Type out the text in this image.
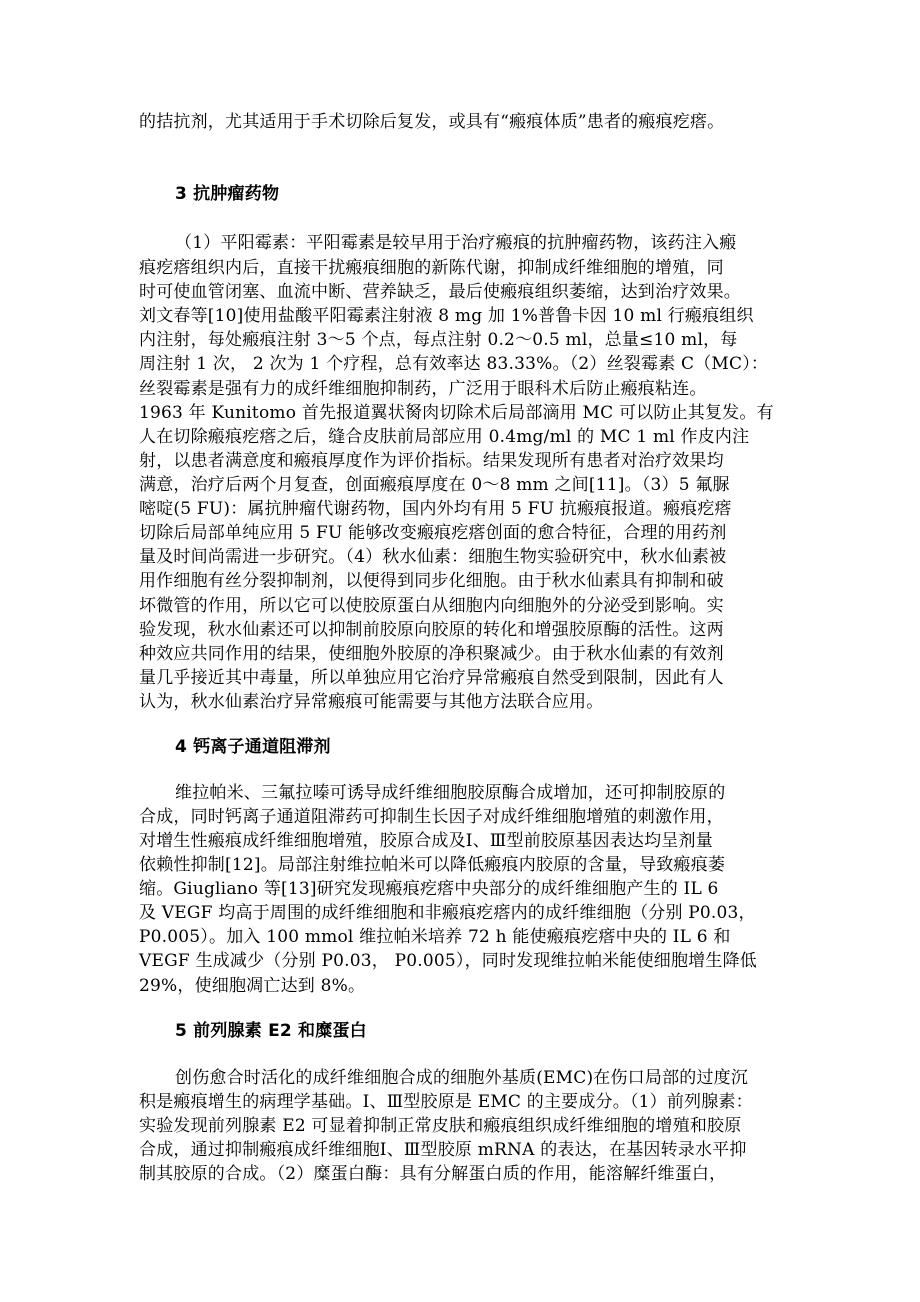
的拮抗剂，尤其适用于手术切除后复发，或具有“瘢痕体质”患者的瘢痕疙瘩。
3 抗肿瘤药物
（1）平阳霉素：平阳霉素是较早用于治疗瘢痕的抗肿瘤药物，该药注入瘢
痕疙瘩组织内后，直接干扰瘢痕细胞的新陈代谢，抑制成纤维细胞的增殖，同
时可使血管闭塞、血流中断、营养缺乏，最后使瘢痕组织萎缩，达到治疗效果。
刘文春等[10]使用盐酸平阳霉素注射液 8 mg 加 1%普鲁卡因 10 ml 行瘢痕组织
内注射，每处瘢痕注射 3～5 个点，每点注射 0.2～0.5 ml，总量≤10 ml，每
周注射 1 次， 2 次为 1 个疗程，总有效率达 83.33%。（2）丝裂霉素 C（MC）：
丝裂霉素是强有力的成纤维细胞抑制药，广泛用于眼科术后防止瘢痕粘连。
1963 年 Kunitomo 首先报道翼状胬肉切除术后局部滴用 MC 可以防止其复发。有
人在切除瘢痕疙瘩之后，缝合皮肤前局部应用 0.4mg/ml 的 MC 1 ml 作皮内注
射，以患者满意度和瘢痕厚度作为评价指标。结果发现所有患者对治疗效果均
满意，治疗后两个月复查，创面瘢痕厚度在 0～8 mm 之间[11]。（3）5 氟脲
嘧啶(5 FU)：属抗肿瘤代谢药物，国内外均有用 5 FU 抗瘢痕报道。瘢痕疙瘩
切除后局部单纯应用 5 FU 能够改变瘢痕疙瘩创面的愈合特征，合理的用药剂
量及时间尚需进一步研究。（4）秋水仙素：细胞生物实验研究中，秋水仙素被
用作细胞有丝分裂抑制剂，以便得到同步化细胞。由于秋水仙素具有抑制和破
坏微管的作用，所以它可以使胶原蛋白从细胞内向细胞外的分泌受到影响。实
验发现，秋水仙素还可以抑制前胶原向胶原的转化和增强胶原酶的活性。这两
种效应共同作用的结果，使细胞外胶原的净积聚减少。由于秋水仙素的有效剂
量几乎接近其中毒量，所以单独应用它治疗异常瘢痕自然受到限制，因此有人
认为，秋水仙素治疗异常瘢痕可能需要与其他方法联合应用。
4 钙离子通道阻滞剂
维拉帕米、三氟拉嗪可诱导成纤维细胞胶原酶合成增加，还可抑制胶原的
合成，同时钙离子通道阻滞药可抑制生长因子对成纤维细胞增殖的刺激作用，
对增生性瘢痕成纤维细胞增殖，胶原合成及Ⅰ、Ⅲ型前胶原基因表达均呈剂量
依赖性抑制[12]。局部注射维拉帕米可以降低瘢痕内胶原的含量，导致瘢痕萎
缩。Giugliano 等[13]研究发现瘢痕疙瘩中央部分的成纤维细胞产生的 IL 6
及 VEGF 均高于周围的成纤维细胞和非瘢痕疙瘩内的成纤维细胞（分别 P0.03，
P0.005）。加入 100 mmol 维拉帕米培养 72 h 能使瘢痕疙瘩中央的 IL 6 和
VEGF 生成减少（分别 P0.03， P0.005），同时发现维拉帕米能使细胞增生降低
29%，使细胞凋亡达到 8%。
5 前列腺素 E2 和糜蛋白
创伤愈合时活化的成纤维细胞合成的细胞外基质(EMC)在伤口局部的过度沉
积是瘢痕增生的病理学基础。Ⅰ、Ⅲ型胶原是 EMC 的主要成分。（1）前列腺素：
实验发现前列腺素 E2 可显着抑制正常皮肤和瘢痕组织成纤维细胞的增殖和胶原
合成，通过抑制瘢痕成纤维细胞Ⅰ、Ⅲ型胶原 mRNA 的表达，在基因转录水平抑
制其胶原的合成。（2）糜蛋白酶：具有分解蛋白质的作用，能溶解纤维蛋白，
